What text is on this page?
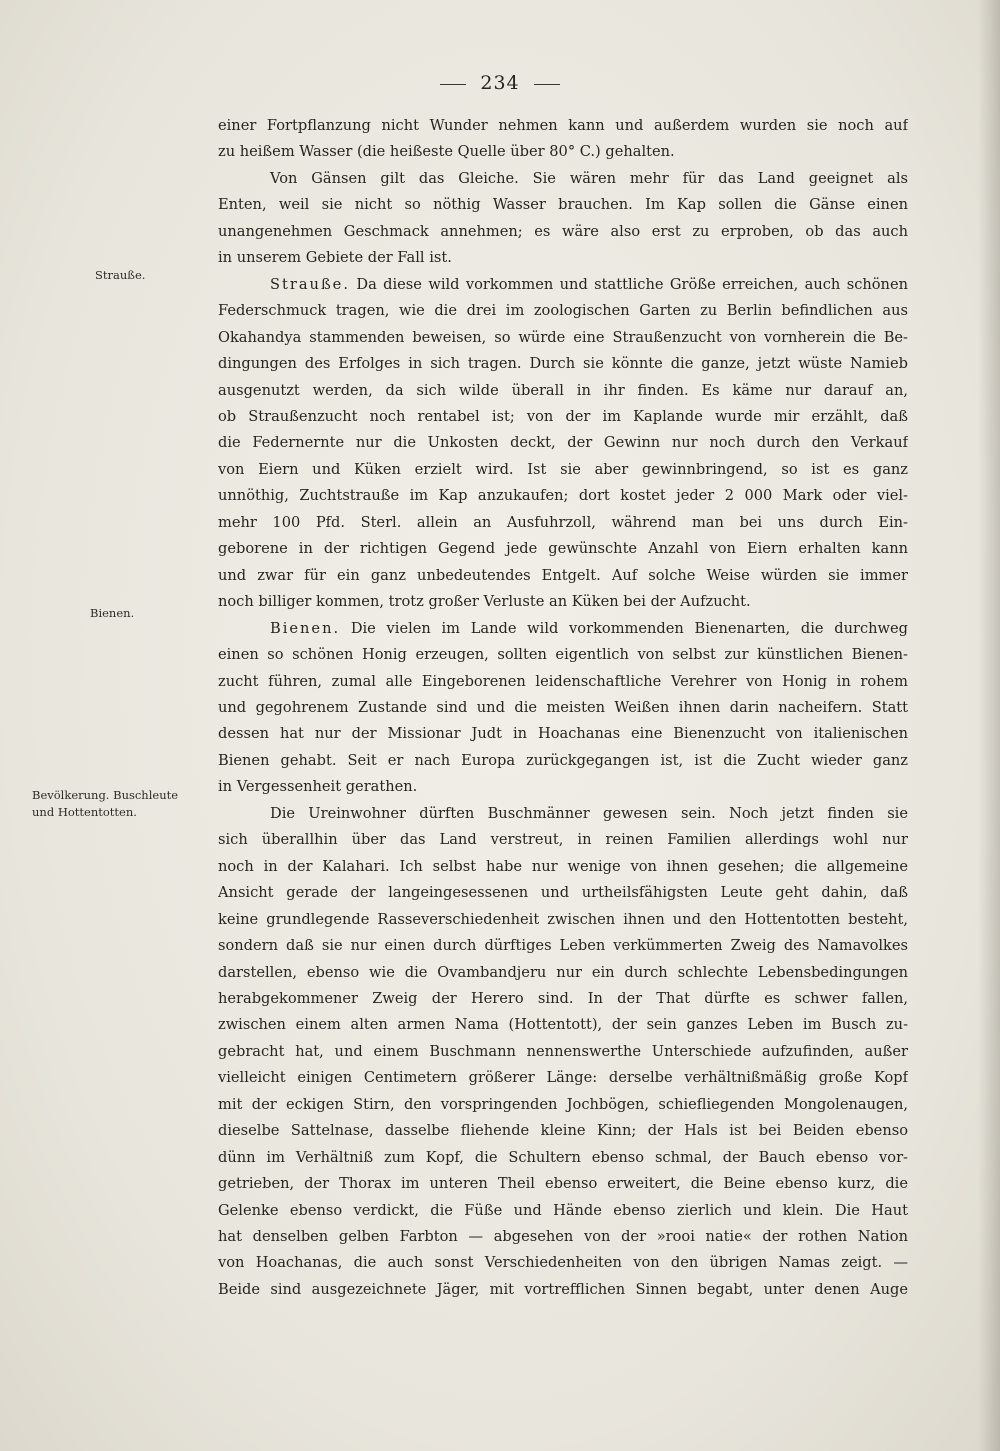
234
Strauße.
Bienen.
Bevölkerung. Buschleute
und Hottentotten.
einer Fortpflanzung nicht Wunder nehmen kann und außerdem wurden sie noch auf
zu heißem Wasser (die heißeste Quelle über 80° C.) gehalten.
Von Gänsen gilt das Gleiche. Sie wären mehr für das Land geeignet als
Enten, weil sie nicht so nöthig Wasser brauchen. Im Kap sollen die Gänse einen
unangenehmen Geschmack annehmen; es wäre also erst zu erproben, ob das auch
in unserem Gebiete der Fall ist.
Strauße. Da diese wild vorkommen und stattliche Größe erreichen, auch schönen
Federschmuck tragen, wie die drei im zoologischen Garten zu Berlin befindlichen aus
Okahandya stammenden beweisen, so würde eine Straußenzucht von vornherein die Be-
dingungen des Erfolges in sich tragen. Durch sie könnte die ganze, jetzt wüste Namieb
ausgenutzt werden, da sich wilde überall in ihr finden. Es käme nur darauf an,
ob Straußenzucht noch rentabel ist; von der im Kaplande wurde mir erzählt, daß
die Federnernte nur die Unkosten deckt, der Gewinn nur noch durch den Verkauf
von Eiern und Küken erzielt wird. Ist sie aber gewinnbringend, so ist es ganz
unnöthig, Zuchtstrauße im Kap anzukaufen; dort kostet jeder 2 000 Mark oder viel-
mehr 100 Pfd. Sterl. allein an Ausfuhrzoll, während man bei uns durch Ein-
geborene in der richtigen Gegend jede gewünschte Anzahl von Eiern erhalten kann
und zwar für ein ganz unbedeutendes Entgelt. Auf solche Weise würden sie immer
noch billiger kommen, trotz großer Verluste an Küken bei der Aufzucht.
Bienen. Die vielen im Lande wild vorkommenden Bienenarten, die durchweg
einen so schönen Honig erzeugen, sollten eigentlich von selbst zur künstlichen Bienen-
zucht führen, zumal alle Eingeborenen leidenschaftliche Verehrer von Honig in rohem
und gegohrenem Zustande sind und die meisten Weißen ihnen darin nacheifern. Statt
dessen hat nur der Missionar Judt in Hoachanas eine Bienenzucht von italienischen
Bienen gehabt. Seit er nach Europa zurückgegangen ist, ist die Zucht wieder ganz
in Vergessenheit gerathen.
Die Ureinwohner dürften Buschmänner gewesen sein. Noch jetzt finden sie
sich überallhin über das Land verstreut, in reinen Familien allerdings wohl nur
noch in der Kalahari. Ich selbst habe nur wenige von ihnen gesehen; die allgemeine
Ansicht gerade der langeingesessenen und urtheilsfähigsten Leute geht dahin, daß
keine grundlegende Rasseverschiedenheit zwischen ihnen und den Hottentotten besteht,
sondern daß sie nur einen durch dürftiges Leben verkümmerten Zweig des Namavolkes
darstellen, ebenso wie die Ovambandjeru nur ein durch schlechte Lebensbedingungen
herabgekommener Zweig der Herero sind. In der That dürfte es schwer fallen,
zwischen einem alten armen Nama (Hottentott), der sein ganzes Leben im Busch zu-
gebracht hat, und einem Buschmann nennenswerthe Unterschiede aufzufinden, außer
vielleicht einigen Centimetern größerer Länge: derselbe verhältnißmäßig große Kopf
mit der eckigen Stirn, den vorspringenden Jochbögen, schiefliegenden Mongolenaugen,
dieselbe Sattelnase, dasselbe fliehende kleine Kinn; der Hals ist bei Beiden ebenso
dünn im Verhältniß zum Kopf, die Schultern ebenso schmal, der Bauch ebenso vor-
getrieben, der Thorax im unteren Theil ebenso erweitert, die Beine ebenso kurz, die
Gelenke ebenso verdickt, die Füße und Hände ebenso zierlich und klein. Die Haut
hat denselben gelben Farbton — abgesehen von der »rooi natie« der rothen Nation
von Hoachanas, die auch sonst Verschiedenheiten von den übrigen Namas zeigt. —
Beide sind ausgezeichnete Jäger, mit vortrefflichen Sinnen begabt, unter denen Auge
